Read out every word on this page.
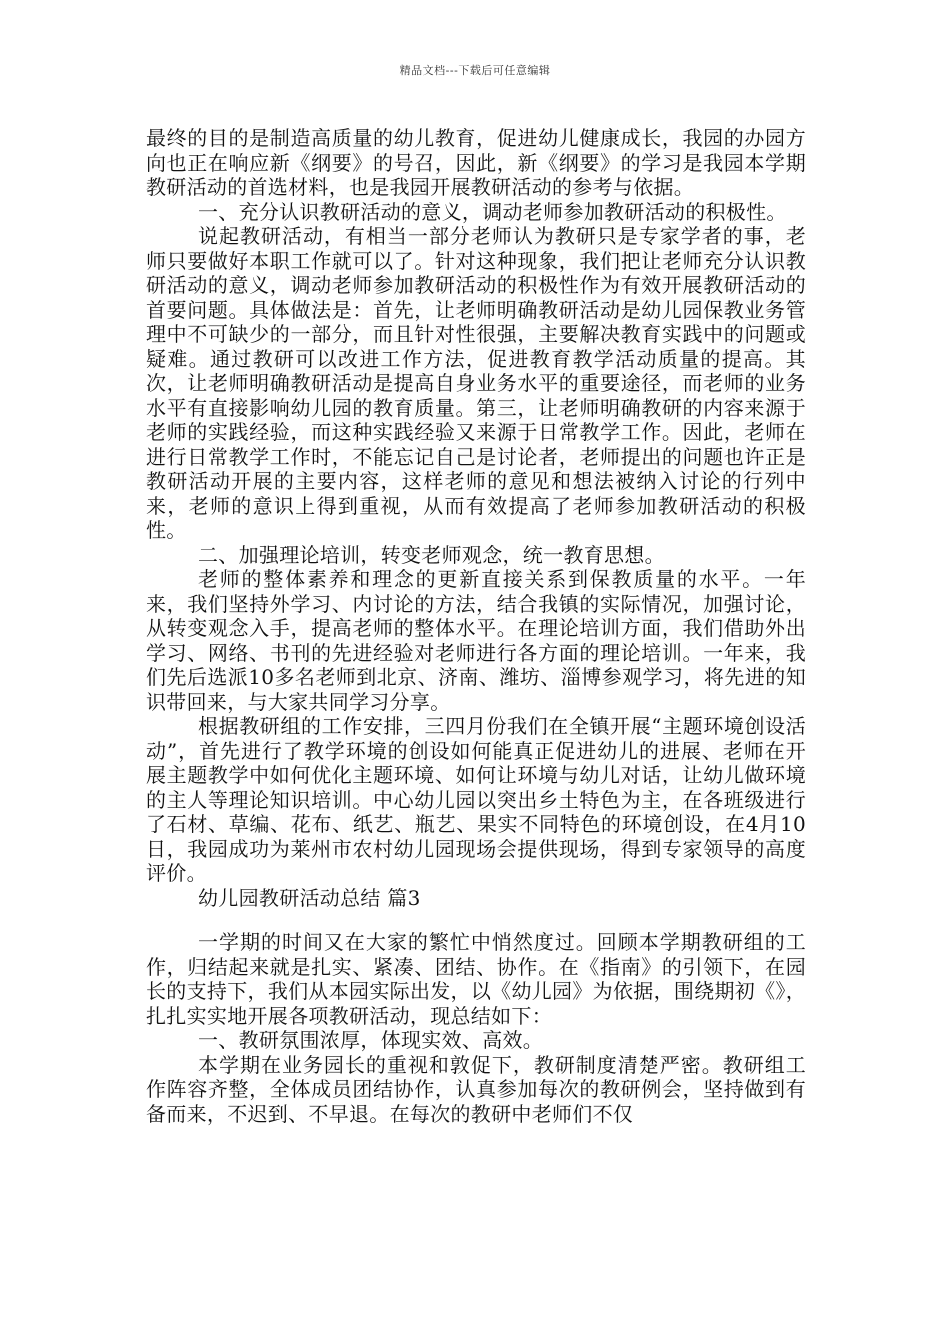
精品文档---下载后可任意编辑

最终的目的是制造高质量的幼儿教育，促进幼儿健康成长，我园的办园方向也正在响应新《纲要》的号召，因此，新《纲要》的学习是我园本学期教研活动的首选材料，也是我园开展教研活动的参考与依据。

一、充分认识教研活动的意义，调动老师参加教研活动的积极性。

说起教研活动，有相当一部分老师认为教研只是专家学者的事，老师只要做好本职工作就可以了。针对这种现象，我们把让老师充分认识教研活动的意义，调动老师参加教研活动的积极性作为有效开展教研活动的首要问题。具体做法是：首先，让老师明确教研活动是幼儿园保教业务管理中不可缺少的一部分，而且针对性很强，主要解决教育实践中的问题或疑难。通过教研可以改进工作方法，促进教育教学活动质量的提高。其次，让老师明确教研活动是提高自身业务水平的重要途径，而老师的业务水平有直接影响幼儿园的教育质量。第三，让老师明确教研的内容来源于老师的实践经验，而这种实践经验又来源于日常教学工作。因此，老师在进行日常教学工作时，不能忘记自己是讨论者，老师提出的问题也许正是教研活动开展的主要内容，这样老师的意见和想法被纳入讨论的行列中来，老师的意识上得到重视，从而有效提高了老师参加教研活动的积极性。

二、加强理论培训，转变老师观念，统一教育思想。

老师的整体素养和理念的更新直接关系到保教质量的水平。一年来，我们坚持外学习、内讨论的方法，结合我镇的实际情况，加强讨论，从转变观念入手，提高老师的整体水平。在理论培训方面，我们借助外出学习、网络、书刊的先进经验对老师进行各方面的理论培训。一年来，我们先后选派10多名老师到北京、济南、潍坊、淄博参观学习，将先进的知识带回来，与大家共同学习分享。

根据教研组的工作安排，三四月份我们在全镇开展“主题环境创设活动”，首先进行了教学环境的创设如何能真正促进幼儿的进展、老师在开展主题教学中如何优化主题环境、如何让环境与幼儿对话，让幼儿做环境的主人等理论知识培训。中心幼儿园以突出乡土特色为主，在各班级进行了石材、草编、花布、纸艺、瓶艺、果实不同特色的环境创设，在4月10日，我园成功为莱州市农村幼儿园现场会提供现场，得到专家领导的高度评价。

幼儿园教研活动总结 篇3

一学期的时间又在大家的繁忙中悄然度过。回顾本学期教研组的工作，归结起来就是扎实、紧凑、团结、协作。在《指南》的引领下，在园长的支持下，我们从本园实际出发，以《幼儿园》为依据，围绕期初《》，扎扎实实地开展各项教研活动，现总结如下：

一、教研氛围浓厚，体现实效、高效。

本学期在业务园长的重视和敦促下，教研制度清楚严密。教研组工作阵容齐整，全体成员团结协作，认真参加每次的教研例会，坚持做到有备而来，不迟到、不早退。在每次的教研中老师们不仅
